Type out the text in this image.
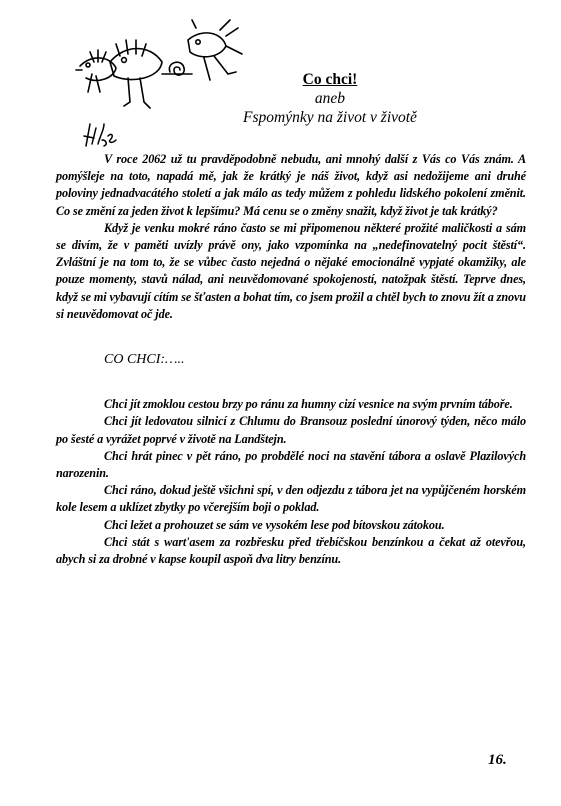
Co chci!
aneb
Fspomýnky na život v životě

V roce 2062 už tu pravděpodobně nebudu, ani mnohý další z Vás co Vás znám. A pomýšleje na toto, napadá mě, jak že krátký je náš život, když asi nedožijeme ani druhé poloviny jednadvacátého století a jak málo as tedy můžem z pohledu lidského pokolení změnit. Co se změní za jeden život k lepšímu? Má cenu se o změny snažit, když život je tak krátký?

Když je venku mokré ráno často se mi připomenou některé prožité maličkosti a sám se divím, že v paměti uvízly právě ony, jako vzpomínka na „nedefinovatelný pocit štěstí“. Zvláštní je na tom to, že se vůbec často nejedná o nějaké emocionálně vypjaté okamžiky, ale pouze momenty, stavů nálad, ani neuvědomované spokojeností, natožpak štěstí. Teprve dnes, když se mi vybavují cítím se šťasten a bohat tím, co jsem prožil a chtěl bych to znovu žít a znovu si neuvědomovat oč jde.

CO CHCI:…..

Chci jít zmoklou cestou brzy po ránu za humny cizí vesnice na svým prvním táboře.

Chci jít ledovatou silnicí z Chlumu do Bransouz poslední únorový týden, něco málo po šesté a vyrážet poprvé v životě na Landštejn.

Chci hrát pinec v pět ráno, po probdělé noci na stavění tábora a oslavě Plazilových narozenin.

Chci ráno, dokud ještě všichni spí, v den odjezdu z tábora jet na vypůjčeném horském kole lesem a uklízet zbytky po včerejším boji o poklad.

Chci ležet a prohouzet se sám ve vysokém lese pod bítovskou zátokou.

Chci stát s wart'asem za rozbřesku před třebíčskou benzínkou a čekat až otevřou, abych si za drobné v kapse koupil aspoň dva litry benzínu.

16.
